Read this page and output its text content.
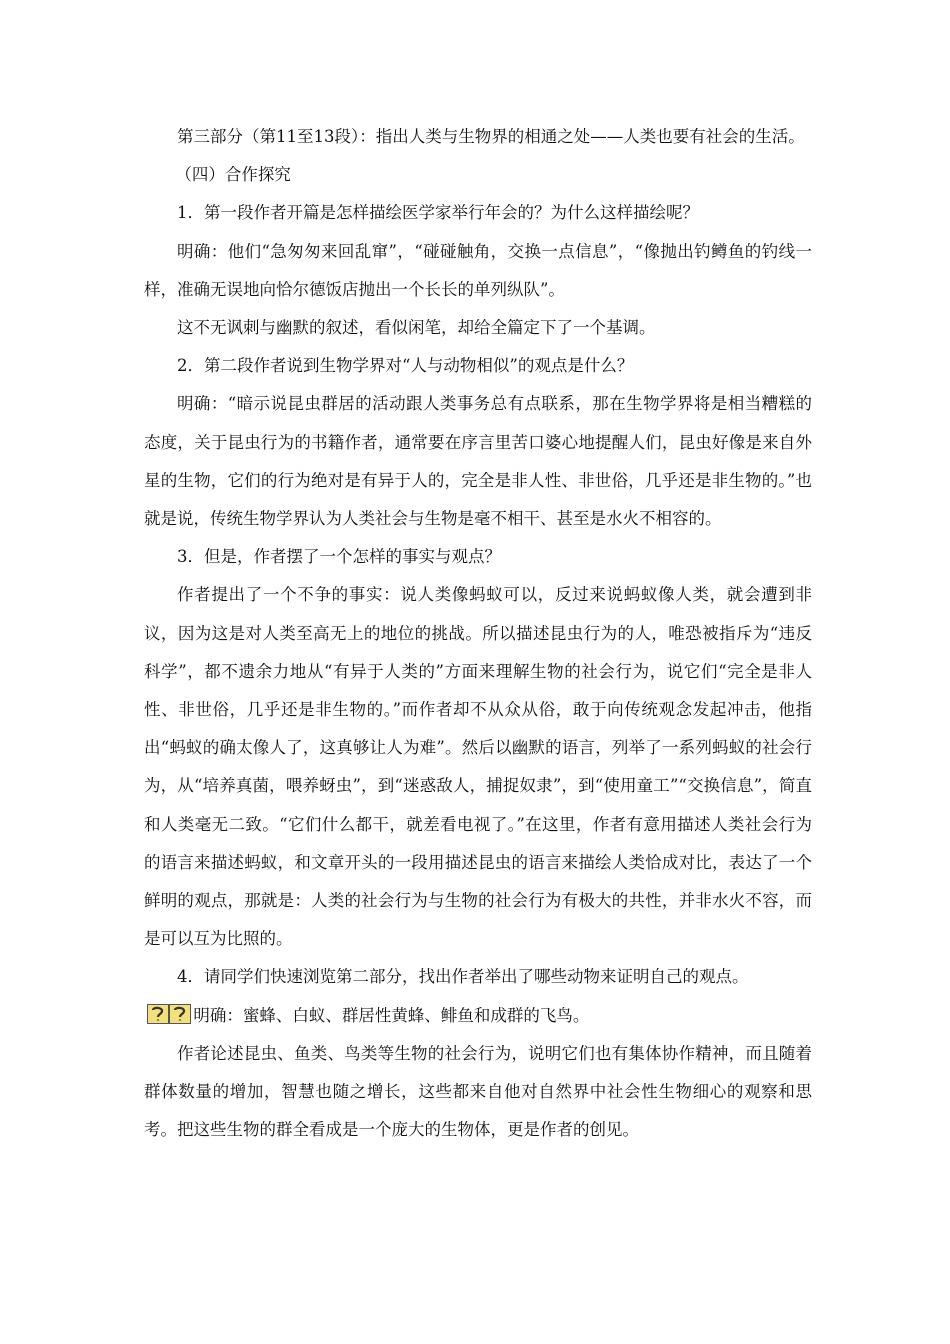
第三部分（第11至13段）：指出人类与生物界的相通之处——人类也要有社会的生活。

（四）合作探究

1．第一段作者开篇是怎样描绘医学家举行年会的？为什么这样描绘呢？

明确：他们“急匆匆来回乱窜”，“碰碰触角，交换一点信息”，“像抛出钓鳟鱼的钓线一样，准确无误地向恰尔德饭店抛出一个长长的单列纵队”。

这不无讽刺与幽默的叙述，看似闲笔，却给全篇定下了一个基调。

2．第二段作者说到生物学界对“人与动物相似”的观点是什么？

明确：“暗示说昆虫群居的活动跟人类事务总有点联系，那在生物学界将是相当糟糕的态度，关于昆虫行为的书籍作者，通常要在序言里苦口婆心地提醒人们，昆虫好像是来自外星的生物，它们的行为绝对是有异于人的，完全是非人性、非世俗，几乎还是非生物的。”也就是说，传统生物学界认为人类社会与生物是毫不相干、甚至是水火不相容的。

3．但是，作者摆了一个怎样的事实与观点？

作者提出了一个不争的事实：说人类像蚂蚁可以，反过来说蚂蚁像人类，就会遭到非议，因为这是对人类至高无上的地位的挑战。所以描述昆虫行为的人，唯恐被指斥为“违反科学”，都不遗余力地从“有异于人类的”方面来理解生物的社会行为，说它们“完全是非人性、非世俗，几乎还是非生物的。”而作者却不从众从俗，敢于向传统观念发起冲击，他指出“蚂蚁的确太像人了，这真够让人为难”。然后以幽默的语言，列举了一系列蚂蚁的社会行为，从“培养真菌，喂养蚜虫”，到“迷惑敌人，捕捉奴隶”，到“使用童工”“交换信息”，简直和人类毫无二致。“它们什么都干，就差看电视了。”在这里，作者有意用描述人类社会行为的语言来描述蚂蚁，和文章开头的一段用描述昆虫的语言来描绘人类恰成对比，表达了一个鲜明的观点，那就是：人类的社会行为与生物的社会行为有极大的共性，并非水火不容，而是可以互为比照的。

4．请同学们快速浏览第二部分，找出作者举出了哪些动物来证明自己的观点。

明确：蜜蜂、白蚁、群居性黄蜂、鲱鱼和成群的飞鸟。

作者论述昆虫、鱼类、鸟类等生物的社会行为，说明它们也有集体协作精神，而且随着群体数量的增加，智慧也随之增长，这些都来自他对自然界中社会性生物细心的观察和思考。把这些生物的群全看成是一个庞大的生物体，更是作者的创见。
